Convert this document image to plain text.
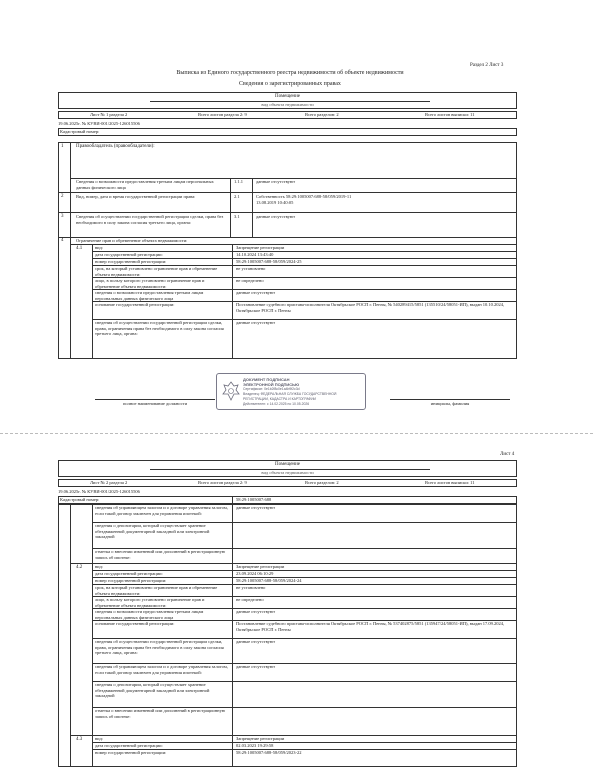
Раздел 2 Лист 3
Выписка из Единого государственного реестра недвижимости об объекте недвижимости
Сведения о зарегистрированных правах
Помещение
вид объекта недвижимости
Лист № 1 раздела 2	Всего листов раздела 2: 9	Всего разделов: 2	Всего листов выписки: 11
19.06.2025г. № КУВИ-001/2025-126015506
Кадастровый номер:
1	Правообладатель (правообладатели):
Сведения о возможности предоставления третьим лицам персональных данных физического лица
1.1.1	данные отсутствуют
2	Вид, номер, дата и время государственной регистрации права:	2.1	Собственность 58:29:1005007:688-58/059/2019-11 13.08.2019 10:40:05
3	Сведения об осуществлении государственной регистрации сделки, права без необходимого в силу закона согласия третьего лица, органа:
3.1	данные отсутствуют
4	Ограничение прав и обременение объекта недвижимости:
4.1	вид:	Запрещение регистрации
дата государственной регистрации:	14.10.2024 13:43:40
номер государственной регистрации:	58:29:1005007:688-58/059/2024-25
срок, на который установлено ограничение прав и обременение объекта недвижимости:
не установлено
лицо, в пользу которого установлено ограничение прав и обременение объекта недвижимости:
не определено
сведения о возможности предоставления третьим лицам персональных данных физического лица
данные отсутствуют
основание государственной регистрации:	Постановление судебного пристава-исполнителя Октябрьское РОСП г. Пензы, № 540289415/5851 (135510/24/58051-ИП), выдан 10.10.2024, Октябрьское РОСП г. Пензы
сведения об осуществлении государственной регистрации сделки, права, ограничения права без необходимого в силу закона согласия третьего лица, органа:
данные отсутствуют
полное наименование должности	инициалы, фамилия
ДОКУМЕНТ ПОДПИСАН
ЭЛЕКТРОННОЙ ПОДПИСЬЮ
Сертификат: 0e1b2f8c0e1a4b9f2c3d
Владелец: ФЕДЕРАЛЬНАЯ СЛУЖБА ГОСУДАРСТВЕННОЙ
РЕГИСТРАЦИИ, КАДАСТРА И КАРТОГРАФИИ
Действителен: с 14.02.2025 по 10.05.2026
Лист 4
Помещение
вид объекта недвижимости
Лист № 2 раздела 2	Всего листов раздела 2: 9	Всего разделов: 2	Всего листов выписки: 11
19.06.2025г. № КУВИ-001/2025-126015506
Кадастровый номер:	58:29:1005007:688
сведения об управляющем залогом и о договоре управления залогом, если такой договор заключен для управления ипотекой:
данные отсутствуют
сведения о депозитарии, который осуществляет хранение обездвиженной документарной закладной или электронной закладной
отметка о внесении изменений или дополнений в регистрационную запись об ипотеке:
4.2	вид:	Запрещение регистрации
дата государственной регистрации:	23.09.2024 06:10:29
номер государственной регистрации:	58:29:1005007:688-58/059/2024-24
срок, на который установлено ограничение прав и обременение объекта недвижимости:
не установлено
лицо, в пользу которого установлено ограничение прав и обременение объекта недвижимости:
не определено
сведения о возможности предоставления третьим лицам персональных данных физического лица
данные отсутствуют
основание государственной регистрации:	Постановление судебного пристава-исполнителя Октябрьское РОСП г. Пензы, № 537402875/5851 (135947/24/58051-ИП), выдан 17.09.2024, Октябрьское РОСП г. Пензы
сведения об осуществлении государственной регистрации сделки, права, ограничения права без необходимого в силу закона согласия третьего лица, органа:
данные отсутствуют
сведения об управляющем залогом и о договоре управления залогом, если такой договор заключен для управления ипотекой:
данные отсутствуют
сведения о депозитарии, который осуществляет хранение обездвиженной документарной закладной или электронной закладной
отметка о внесении изменений или дополнений в регистрационную запись об ипотеке:
4.3	вид:	Запрещение регистрации
дата государственной регистрации:	02.03.2023 19:29:58
номер государственной регистрации:	58:29:1005007:688-58/059/2023-22
